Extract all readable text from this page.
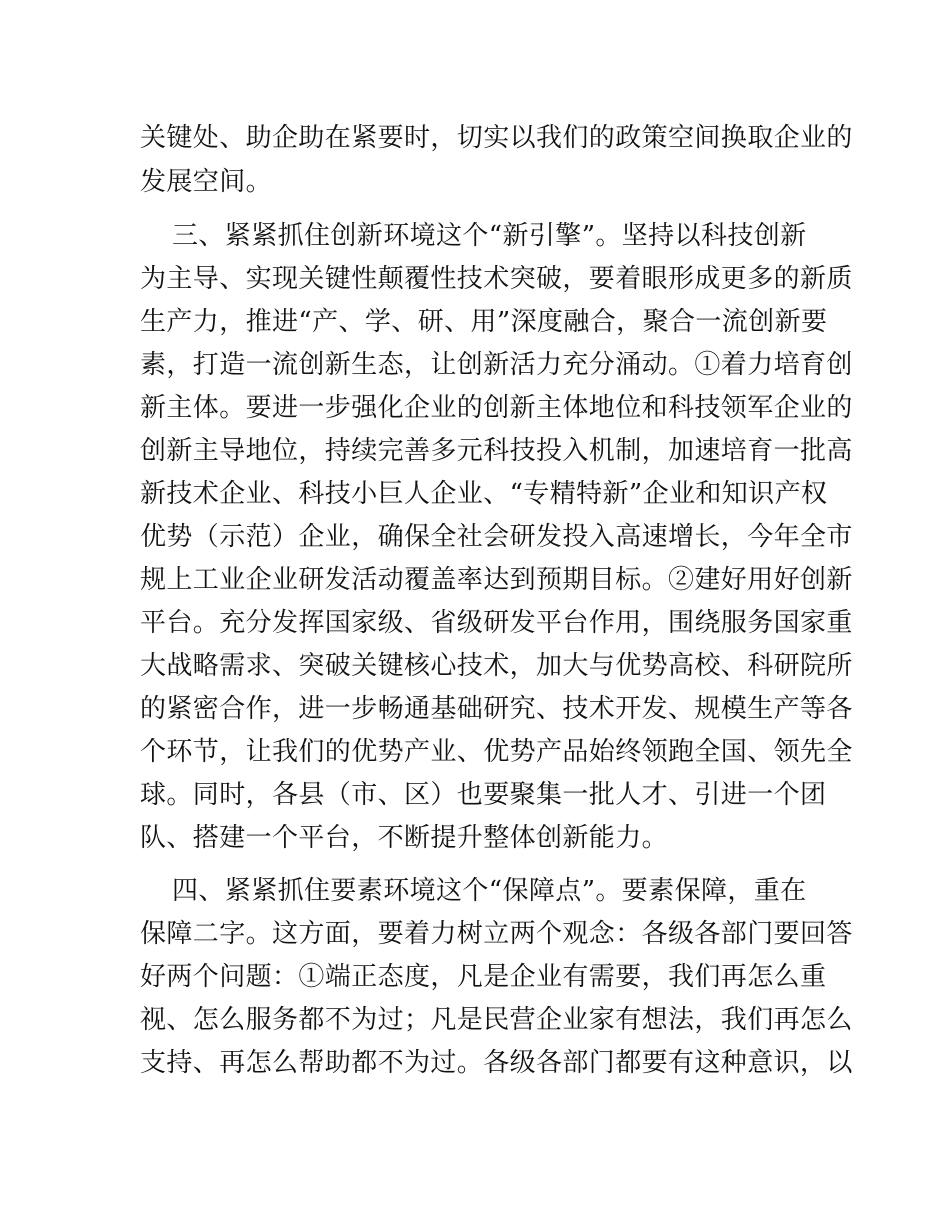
关键处、助企助在紧要时，切实以我们的政策空间换取企业的
发展空间。
三、紧紧抓住创新环境这个“新引擎”。坚持以科技创新
为主导、实现关键性颠覆性技术突破，要着眼形成更多的新质
生产力，推进“产、学、研、用”深度融合，聚合一流创新要
素，打造一流创新生态，让创新活力充分涌动。①着力培育创
新主体。要进一步强化企业的创新主体地位和科技领军企业的
创新主导地位，持续完善多元科技投入机制，加速培育一批高
新技术企业、科技小巨人企业、“专精特新”企业和知识产权
优势（示范）企业，确保全社会研发投入高速增长，今年全市
规上工业企业研发活动覆盖率达到预期目标。②建好用好创新
平台。充分发挥国家级、省级研发平台作用，围绕服务国家重
大战略需求、突破关键核心技术，加大与优势高校、科研院所
的紧密合作，进一步畅通基础研究、技术开发、规模生产等各
个环节，让我们的优势产业、优势产品始终领跑全国、领先全
球。同时，各县（市、区）也要聚集一批人才、引进一个团
队、搭建一个平台，不断提升整体创新能力。
四、紧紧抓住要素环境这个“保障点”。要素保障，重在
保障二字。这方面，要着力树立两个观念：各级各部门要回答
好两个问题：①端正态度，凡是企业有需要，我们再怎么重
视、怎么服务都不为过；凡是民营企业家有想法，我们再怎么
支持、再怎么帮助都不为过。各级各部门都要有这种意识，以
